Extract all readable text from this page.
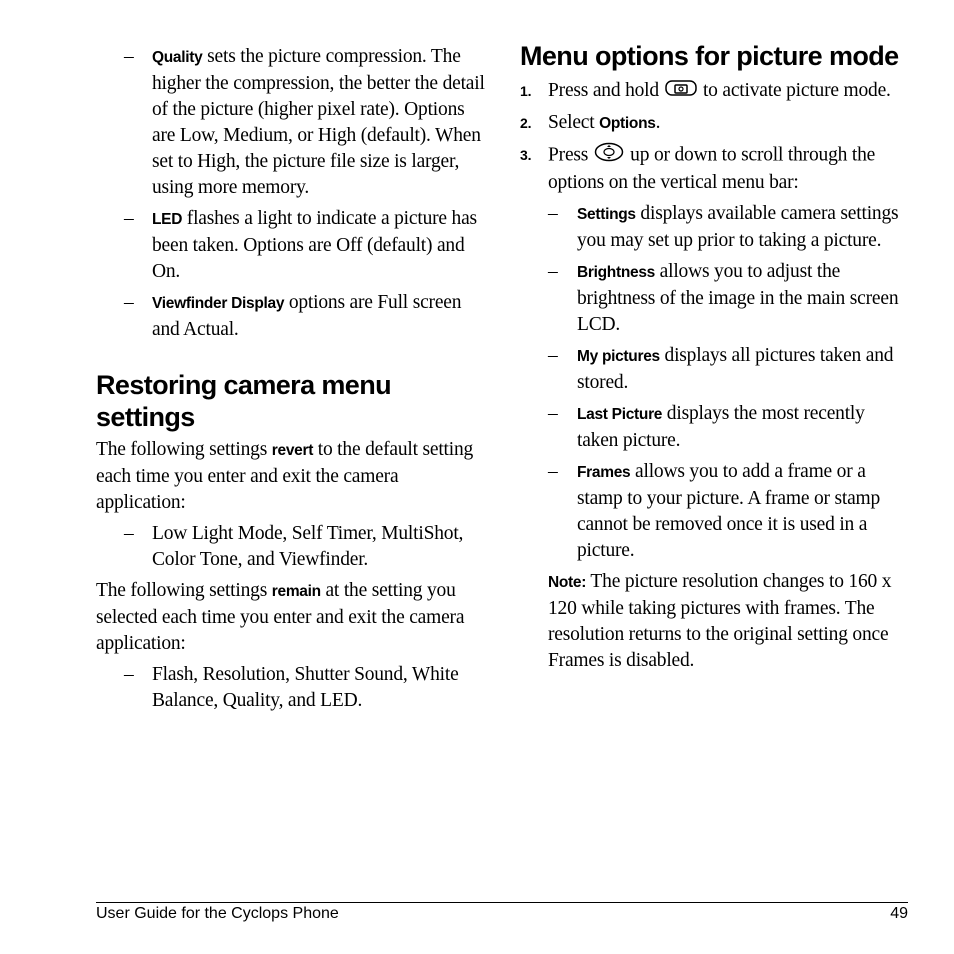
– Quality sets the picture compression. The higher the compression, the better the detail of the picture (higher pixel rate). Options are Low, Medium, or High (default). When set to High, the picture file size is larger, using more memory.
– LED flashes a light to indicate a picture has been taken. Options are Off (default) and On.
– Viewfinder Display options are Full screen and Actual.
Restoring camera menu settings
The following settings revert to the default setting each time you enter and exit the camera application:
– Low Light Mode, Self Timer, MultiShot, Color Tone, and Viewfinder.
The following settings remain at the setting you selected each time you enter and exit the camera application:
– Flash, Resolution, Shutter Sound, White Balance, Quality, and LED.
Menu options for picture mode
1. Press and hold to activate picture mode.
2. Select Options.
3. Press up or down to scroll through the options on the vertical menu bar:
– Settings displays available camera settings you may set up prior to taking a picture.
– Brightness allows you to adjust the brightness of the image in the main screen LCD.
– My pictures displays all pictures taken and stored.
– Last Picture displays the most recently taken picture.
– Frames allows you to add a frame or a stamp to your picture. A frame or stamp cannot be removed once it is used in a picture.
Note: The picture resolution changes to 160 x 120 while taking pictures with frames. The resolution returns to the original setting once Frames is disabled.
User Guide for the Cyclops Phone	49
